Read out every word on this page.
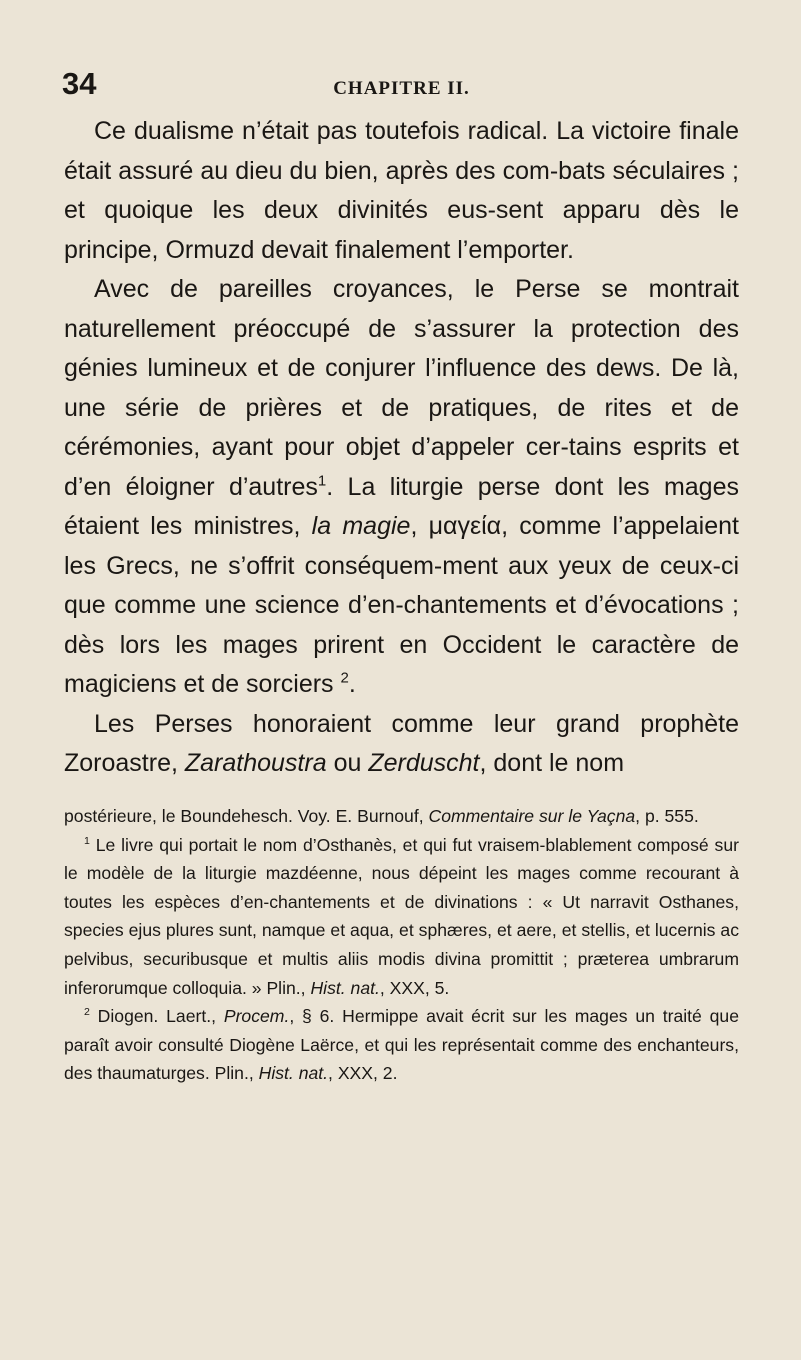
34	CHAPITRE II.

Ce dualisme n’était pas toutefois radical. La victoire finale était assuré au dieu du bien, après des com-bats séculaires ; et quoique les deux divinités eus-sent apparu dès le principe, Ormuzd devait finalement l’emporter.

Avec de pareilles croyances, le Perse se montrait naturellement préoccupé de s’assurer la protection des génies lumineux et de conjurer l’influence des dews. De là, une série de prières et de pratiques, de rites et de cérémonies, ayant pour objet d’appeler cer-tains esprits et d’en éloigner d’autres$^1$. La liturgie perse dont les mages étaient les ministres, la magie, μαγεία, comme l’appelaient les Grecs, ne s’offrit conséquem-ment aux yeux de ceux-ci que comme une science d’en-chantements et d’évocations ; dès lors les mages prirent en Occident le caractère de magiciens et de sorciers $^2$.

Les Perses honoraient comme leur grand prophète Zoroastre, Zarathoustra ou Zerduscht, dont le nom

postérieure, le Boundehesch. Voy. E. Burnouf, Commentaire sur le Yaçna, p. 555.

$^1$ Le livre qui portait le nom d’Osthanès, et qui fut vraisem-blablement composé sur le modèle de la liturgie mazdéenne, nous dépeint les mages comme recourant à toutes les espèces d’en-chantements et de divinations : « Ut narravit Osthanes, species ejus plures sunt, namque et aqua, et sphæres, et aere, et stellis, et lucernis ac pelvibus, securibusque et multis aliis modis divina promittit ; præterea umbrarum inferorumque colloquia. » Plin., Hist. nat., XXX, 5.

$^2$ Diogen. Laert., Procem., § 6. Hermippe avait écrit sur les mages un traité que paraît avoir consulté Diogène Laërce, et qui les représentait comme des enchanteurs, des thaumaturges. Plin., Hist. nat., XXX, 2.
